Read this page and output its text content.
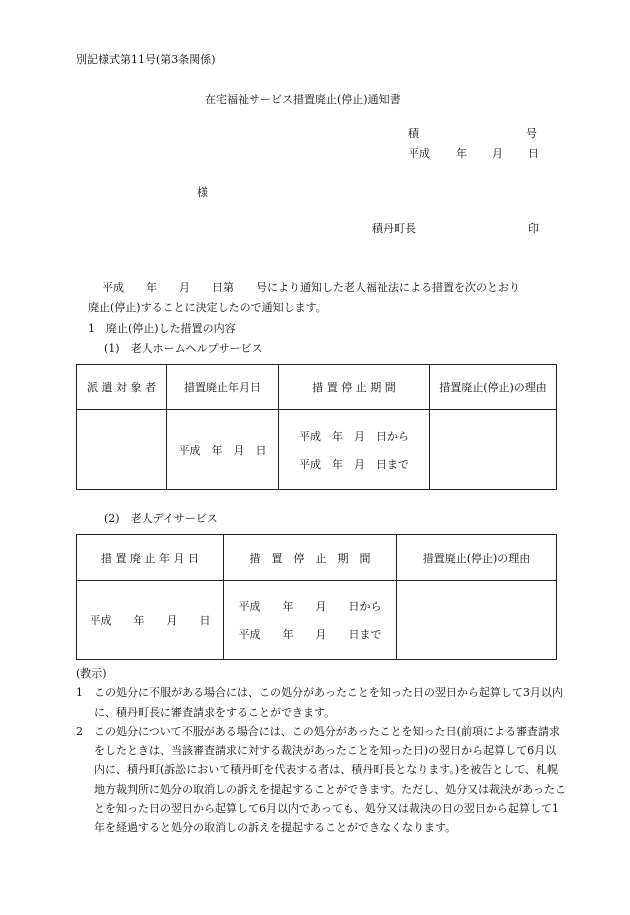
別記様式第11号(第3条関係)
在宅福祉サービス措置廃止(停止)通知書
積	号
平成 年 月 日
様
積丹町長	印
平成　　年　　月　　日第　　号により通知した老人福祉法による措置を次のとおり
廃止(停止)することに決定したので通知します。
1　廃止(停止)した措置の内容
(1)　老人ホームヘルプサービス
派 遣 対 象 者	措置廃止年月日	措 置 停 止 期 間	措置廃止(停止)の理由
	平成　年　月　日	平成　年　月　日から
平成　年　月　日まで	

(2)　老人デイサービス
措 置 廃 止 年 月 日	措　置　停　止　期　間	措置廃止(停止)の理由
平成　　年　　月　　日	平成　　年　　月　　日から
平成　　年　　月　　日まで	

(教示)
1	この処分に不服がある場合には、この処分があったことを知った日の翌日から起算して3月以内に、積丹町長に審査請求をすることができます。
2	この処分について不服がある場合には、この処分があったことを知った日(前項による審査請求をしたときは、当該審査請求に対する裁決があったことを知った日)の翌日から起算して6月以内に、積丹町(訴訟において積丹町を代表する者は、積丹町長となります。)を被告として、札幌地方裁判所に処分の取消しの訴えを提起することができます。ただし、処分又は裁決があったことを知った日の翌日から起算して6月以内であっても、処分又は裁決の日の翌日から起算して1年を経過すると処分の取消しの訴えを提起することができなくなります。
